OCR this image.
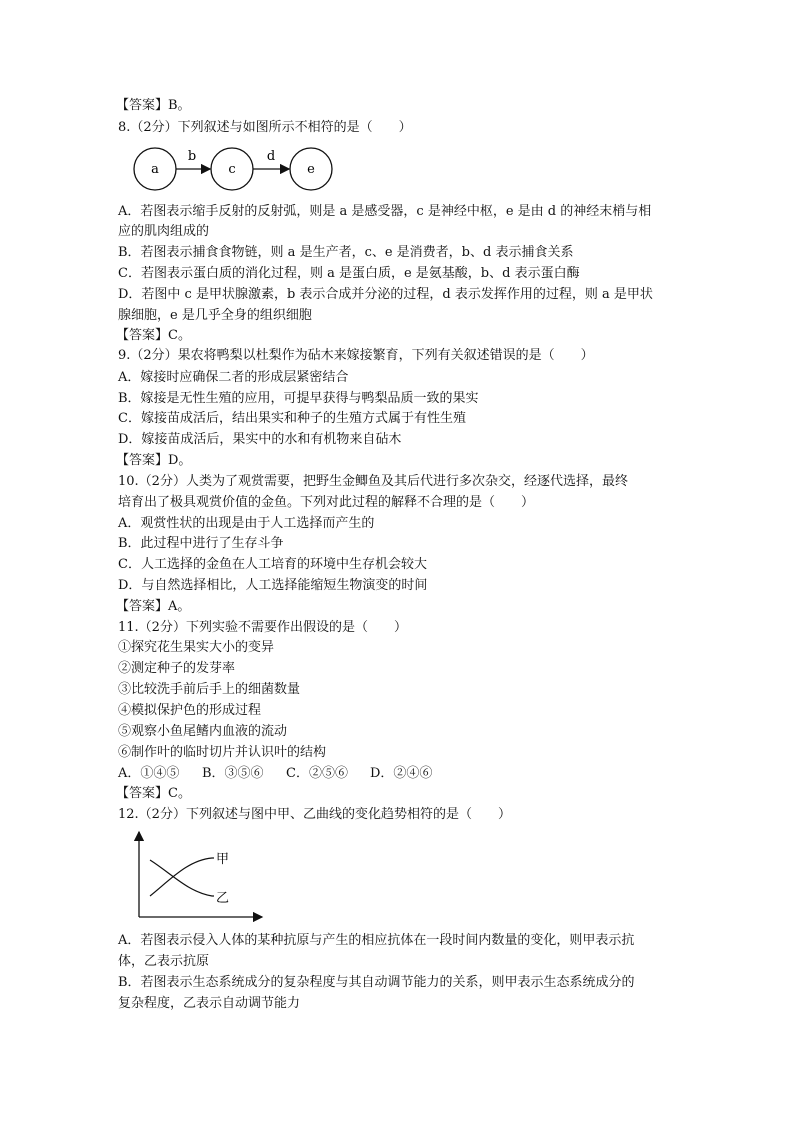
【答案】B。
8.（2分）下列叙述与如图所示不相符的是（　　）
a	c	e
b	d
A．若图表示缩手反射的反射弧，则是 a 是感受器，c 是神经中枢，e 是由 d 的神经末梢与相
应的肌肉组成的
B．若图表示捕食食物链，则 a 是生产者，c、e 是消费者，b、d 表示捕食关系
C．若图表示蛋白质的消化过程，则 a 是蛋白质，e 是氨基酸，b、d 表示蛋白酶
D．若图中 c 是甲状腺激素，b 表示合成并分泌的过程，d 表示发挥作用的过程，则 a 是甲状
腺细胞，e 是几乎全身的组织细胞
【答案】C。
9.（2分）果农将鸭梨以杜梨作为砧木来嫁接繁育，下列有关叙述错误的是（　　）
A．嫁接时应确保二者的形成层紧密结合
B．嫁接是无性生殖的应用，可提早获得与鸭梨品质一致的果实
C．嫁接苗成活后，结出果实和种子的生殖方式属于有性生殖
D．嫁接苗成活后，果实中的水和有机物来自砧木
【答案】D。
10.（2分）人类为了观赏需要，把野生金鲫鱼及其后代进行多次杂交，经逐代选择，最终
培育出了极具观赏价值的金鱼。下列对此过程的解释不合理的是（　　）
A．观赏性状的出现是由于人工选择而产生的
B．此过程中进行了生存斗争
C．人工选择的金鱼在人工培育的环境中生存机会较大
D．与自然选择相比，人工选择能缩短生物演变的时间
【答案】A。
11.（2分）下列实验不需要作出假设的是（　　）
①探究花生果实大小的变异
②测定种子的发芽率
③比较洗手前后手上的细菌数量
④模拟保护色的形成过程
⑤观察小鱼尾鳍内血液的流动
⑥制作叶的临时切片并认识叶的结构
A．①④⑤ B．③⑤⑥ C．②⑤⑥ D．②④⑥
【答案】C。
12.（2分）下列叙述与图中甲、乙曲线的变化趋势相符的是（　　）
甲
乙
A．若图表示侵入人体的某种抗原与产生的相应抗体在一段时间内数量的变化，则甲表示抗
体，乙表示抗原
B．若图表示生态系统成分的复杂程度与其自动调节能力的关系，则甲表示生态系统成分的
复杂程度，乙表示自动调节能力
